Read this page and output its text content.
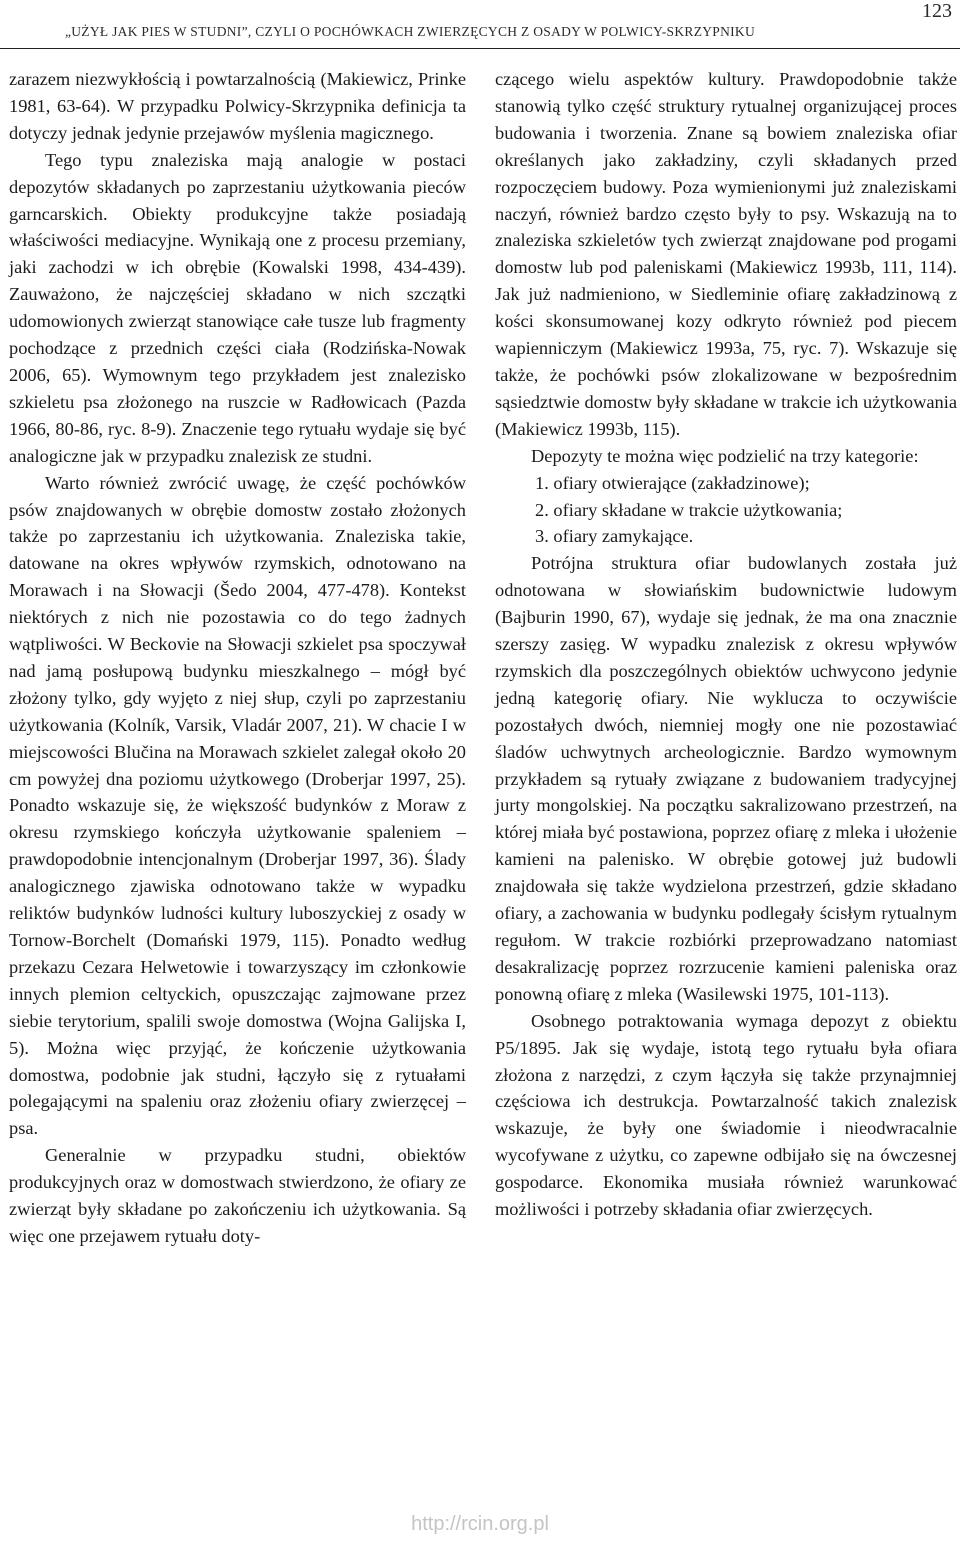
„UŻYŁ JAK PIES W STUDNI”, CZYLI O POCHÓWKACH ZWIERZĘCYCH Z OSADY W POLWICY-SKRZYPNIKU
123

zarazem niezwykłością i powtarzalnością (Makiewicz, Prinke 1981, 63-64). W przypadku Polwicy-Skrzypnika definicja ta dotyczy jednak jedynie przejawów myślenia magicznego.

Tego typu znaleziska mają analogie w postaci depozytów składanych po zaprzestaniu użytkowania pieców garncarskich. Obiekty produkcyjne także posiadają właściwości mediacyjne. Wynikają one z procesu przemiany, jaki zachodzi w ich obrębie (Kowalski 1998, 434-439). Zauważono, że najczęściej składano w nich szczątki udomowionych zwierząt stanowiące całe tusze lub fragmenty pochodzące z przednich części ciała (Rodzińska-Nowak 2006, 65). Wymownym tego przykładem jest znalezisko szkieletu psa złożonego na ruszcie w Radłowicach (Pazda 1966, 80-86, ryc. 8-9). Znaczenie tego rytuału wydaje się być analogiczne jak w przypadku znalezisk ze studni.

Warto również zwrócić uwagę, że część pochówków psów znajdowanych w obrębie domostw zostało złożonych także po zaprzestaniu ich użytkowania. Znaleziska takie, datowane na okres wpływów rzymskich, odnotowano na Morawach i na Słowacji (Šedo 2004, 477-478). Kontekst niektórych z nich nie pozostawia co do tego żadnych wątpliwości. W Beckovie na Słowacji szkielet psa spoczywał nad jamą posłupową budynku mieszkalnego – mógł być złożony tylko, gdy wyjęto z niej słup, czyli po zaprzestaniu użytkowania (Kolník, Varsik, Vladár 2007, 21). W chacie I w miejscowości Blučina na Morawach szkielet zalegał około 20 cm powyżej dna poziomu użytkowego (Droberjar 1997, 25). Ponadto wskazuje się, że większość budynków z Moraw z okresu rzymskiego kończyła użytkowanie spaleniem – prawdopodobnie intencjonalnym (Droberjar 1997, 36). Ślady analogicznego zjawiska odnotowano także w wypadku reliktów budynków ludności kultury luboszyckiej z osady w Tornow-Borchelt (Domański 1979, 115). Ponadto według przekazu Cezara Helwetowie i towarzyszący im członkowie innych plemion celtyckich, opuszczając zajmowane przez siebie terytorium, spalili swoje domostwa (Wojna Galijska I, 5). Można więc przyjąć, że kończenie użytkowania domostwa, podobnie jak studni, łączyło się z rytuałami polegającymi na spaleniu oraz złożeniu ofiary zwierzęcej – psa.

Generalnie w przypadku studni, obiektów produkcyjnych oraz w domostwach stwierdzono, że ofiary ze zwierząt były składane po zakończeniu ich użytkowania. Są więc one przejawem rytuału doty-

czącego wielu aspektów kultury. Prawdopodobnie także stanowią tylko część struktury rytualnej organizującej proces budowania i tworzenia. Znane są bowiem znaleziska ofiar określanych jako zakładziny, czyli składanych przed rozpoczęciem budowy. Poza wymienionymi już znaleziskami naczyń, również bardzo często były to psy. Wskazują na to znaleziska szkieletów tych zwierząt znajdowane pod progami domostw lub pod paleniskami (Makiewicz 1993b, 111, 114). Jak już nadmieniono, w Siedleminie ofiarę zakładzinową z kości skonsumowanej kozy odkryto również pod piecem wapienniczym (Makiewicz 1993a, 75, ryc. 7). Wskazuje się także, że pochówki psów zlokalizowane w bezpośrednim sąsiedztwie domostw były składane w trakcie ich użytkowania (Makiewicz 1993b, 115).

Depozyty te można więc podzielić na trzy kategorie:

1. ofiary otwierające (zakładzinowe);

2. ofiary składane w trakcie użytkowania;

3. ofiary zamykające.

Potrójna struktura ofiar budowlanych została już odnotowana w słowiańskim budownictwie ludowym (Bajburin 1990, 67), wydaje się jednak, że ma ona znacznie szerszy zasięg. W wypadku znalezisk z okresu wpływów rzymskich dla poszczególnych obiektów uchwycono jedynie jedną kategorię ofiary. Nie wyklucza to oczywiście pozostałych dwóch, niemniej mogły one nie pozostawiać śladów uchwytnych archeologicznie. Bardzo wymownym przykładem są rytuały związane z budowaniem tradycyjnej jurty mongolskiej. Na początku sakralizowano przestrzeń, na której miała być postawiona, poprzez ofiarę z mleka i ułożenie kamieni na palenisko. W obrębie gotowej już budowli znajdowała się także wydzielona przestrzeń, gdzie składano ofiary, a zachowania w budynku podlegały ścisłym rytualnym regułom. W trakcie rozbiórki przeprowadzano natomiast desakralizację poprzez rozrzucenie kamieni paleniska oraz ponowną ofiarę z mleka (Wasilewski 1975, 101-113).

Osobnego potraktowania wymaga depozyt z obiektu P5/1895. Jak się wydaje, istotą tego rytuału była ofiara złożona z narzędzi, z czym łączyła się także przynajmniej częściowa ich destrukcja. Powtarzalność takich znalezisk wskazuje, że były one świadomie i nieodwracalnie wycofywane z użytku, co zapewne odbijało się na ówczesnej gospodarce. Ekonomika musiała również warunkować możliwości i potrzeby składania ofiar zwierzęcych.

http://rcin.org.pl
